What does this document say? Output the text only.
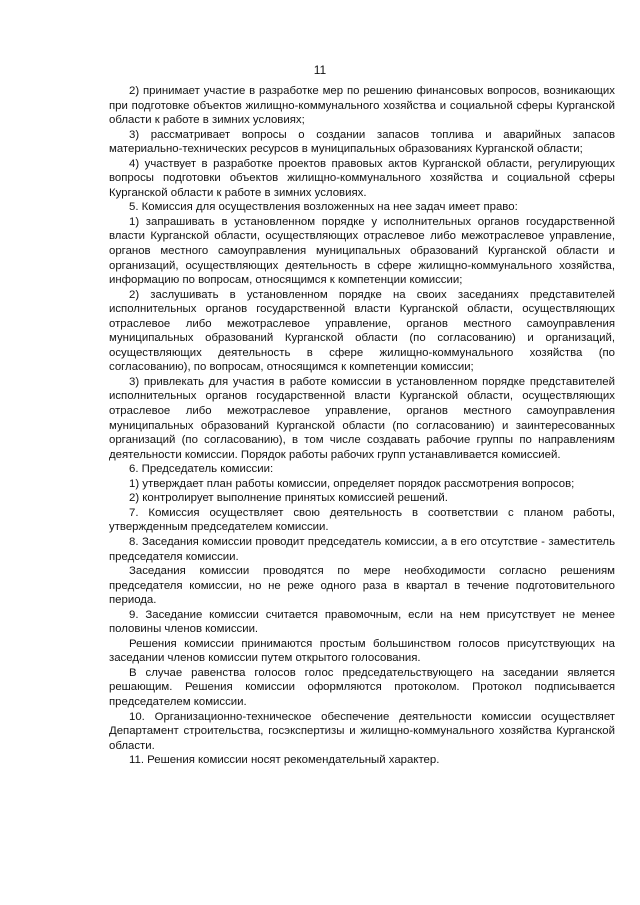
11

2) принимает участие в разработке мер по решению финансовых вопросов, возникающих при подготовке объектов жилищно-коммунального хозяйства и социальной сферы Курганской области к работе в зимних условиях;

3) рассматривает вопросы о создании запасов топлива и аварийных запасов материально-технических ресурсов в муниципальных образованиях Курганской области;

4) участвует в разработке проектов правовых актов Курганской области, регулирующих вопросы подготовки объектов жилищно-коммунального хозяйства и социальной сферы Курганской области к работе в зимних условиях.

5. Комиссия для осуществления возложенных на нее задач имеет право:

1) запрашивать в установленном порядке у исполнительных органов государственной власти Курганской области, осуществляющих отраслевое либо межотраслевое управление, органов местного самоуправления муниципальных образований Курганской области и организаций, осуществляющих деятельность в сфере жилищно-коммунального хозяйства, информацию по вопросам, относящимся к компетенции комиссии;

2) заслушивать в установленном порядке на своих заседаниях представителей исполнительных органов государственной власти Курганской области, осуществляющих отраслевое либо межотраслевое управление, органов местного самоуправления муниципальных образований Курганской области (по согласованию) и организаций, осуществляющих деятельность в сфере жилищно-коммунального хозяйства (по согласованию), по вопросам, относящимся к компетенции комиссии;

3) привлекать для участия в работе комиссии в установленном порядке представителей исполнительных органов государственной власти Курганской области, осуществляющих отраслевое либо межотраслевое управление, органов местного самоуправления муниципальных образований Курганской области (по согласованию) и заинтересованных организаций (по согласованию), в том числе создавать рабочие группы по направлениям деятельности комиссии. Порядок работы рабочих групп устанавливается комиссией.

6. Председатель комиссии:

1) утверждает план работы комиссии, определяет порядок рассмотрения вопросов;

2) контролирует выполнение принятых комиссией решений.

7. Комиссия осуществляет свою деятельность в соответствии с планом работы, утвержденным председателем комиссии.

8. Заседания комиссии проводит председатель комиссии, а в его отсутствие - заместитель председателя комиссии.

Заседания комиссии проводятся по мере необходимости согласно решениям председателя комиссии, но не реже одного раза в квартал в течение подготовительного периода.

9. Заседание комиссии считается правомочным, если на нем присутствует не менее половины членов комиссии.

Решения комиссии принимаются простым большинством голосов присутствующих на заседании членов комиссии путем открытого голосования.

В случае равенства голосов голос председательствующего на заседании является решающим. Решения комиссии оформляются протоколом. Протокол подписывается председателем комиссии.

10. Организационно-техническое обеспечение деятельности комиссии осуществляет Департамент строительства, госэкспертизы и жилищно-коммунального хозяйства Курганской области.

11. Решения комиссии носят рекомендательный характер.
